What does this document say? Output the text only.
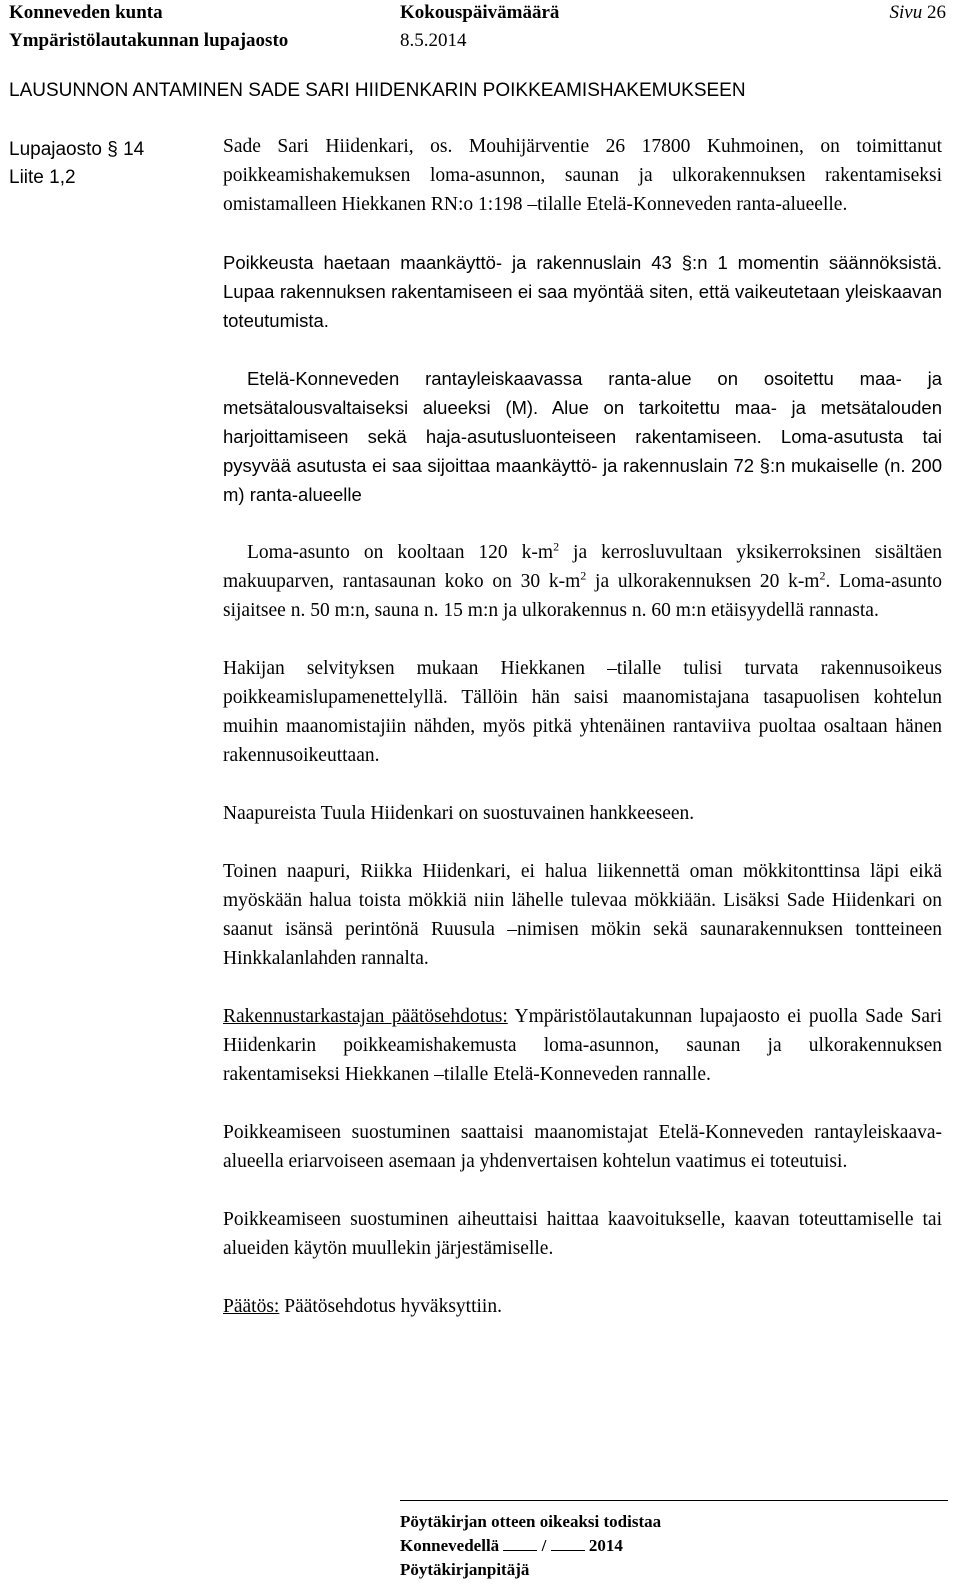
Konneveden kunta
Ympäristölautakunnan lupajaosto
Kokouspäivämäärä
8.5.2014
Sivu 26
LAUSUNNON ANTAMINEN SADE SARI HIIDENKARIN POIKKEAMISHAKEMUKSEEN
Lupajaosto § 14
Liite 1,2

Sade Sari Hiidenkari, os. Mouhijärventie 26 17800 Kuhmoinen, on toimittanut poikkeamishakemuksen loma-asunnon, saunan ja ulkorakennuksen rakentamiseksi omistamalleen Hiekkanen RN:o 1:198 –tilalle Etelä-Konneveden ranta-alueelle.

Poikkeusta haetaan maankäyttö- ja rakennuslain 43 §:n 1 momentin säännöksistä. Lupaa rakennuksen rakentamiseen ei saa myöntää siten, että vaikeutetaan yleiskaavan toteutumista.

Etelä-Konneveden rantayleiskaavassa ranta-alue on osoitettu maa- ja metsätalousvaltaiseksi alueeksi (M). Alue on tarkoitettu maa- ja metsätalouden harjoittamiseen sekä haja-asutusluonteiseen rakentamiseen. Loma-asutusta tai pysyvää asutusta ei saa sijoittaa maankäyttö- ja rakennuslain 72 §:n mukaiselle (n. 200 m) ranta-alueelle

Loma-asunto on kooltaan 120 $k-m^2$ ja kerrosluvultaan yksikerroksinen sisältäen makuuparven, rantasaunan koko on 30 $k-m^2$ ja ulkorakennuksen 20 $k-m^2$. Loma-asunto sijaitsee n. 50 m:n, sauna n. 15 m:n ja ulkorakennus n. 60 m:n etäisyydellä rannasta.

Hakijan selvityksen mukaan Hiekkanen –tilalle tulisi turvata rakennusoikeus poikkeamislupamenettelyllä. Tällöin hän saisi maanomistajana tasapuolisen kohtelun muihin maanomistajiin nähden, myös pitkä yhtenäinen rantaviiva puoltaa osaltaan hänen rakennusoikeuttaan.

Naapureista Tuula Hiidenkari on suostuvainen hankkeeseen.

Toinen naapuri, Riikka Hiidenkari, ei halua liikennettä oman mökkitonttinsa läpi eikä myöskään halua toista mökkiä niin lähelle tulevaa mökkiään. Lisäksi Sade Hiidenkari on saanut isänsä perintönä Ruusula –nimisen mökin sekä saunarakennuksen tontteineen Hinkkalanlahden rannalta.

Rakennustarkastajan päätösehdotus: Ympäristölautakunnan lupajaosto ei puolla Sade Sari Hiidenkarin poikkeamishakemusta loma-asunnon, saunan ja ulkorakennuksen rakentamiseksi Hiekkanen –tilalle Etelä-Konneveden rannalle.

Poikkeamiseen suostuminen saattaisi maanomistajat Etelä-Konneveden rantayleiskaava-alueella eriarvoiseen asemaan ja yhdenvertaisen kohtelun vaatimus ei toteutuisi.

Poikkeamiseen suostuminen aiheuttaisi haittaa kaavoitukselle, kaavan toteuttamiselle tai alueiden käytön muullekin järjestämiselle.

Päätös: Päätösehdotus hyväksyttiin.

Pöytäkirjan otteen oikeaksi todistaa
Konnevedellä  /  2014
Pöytäkirjanpitäjä
